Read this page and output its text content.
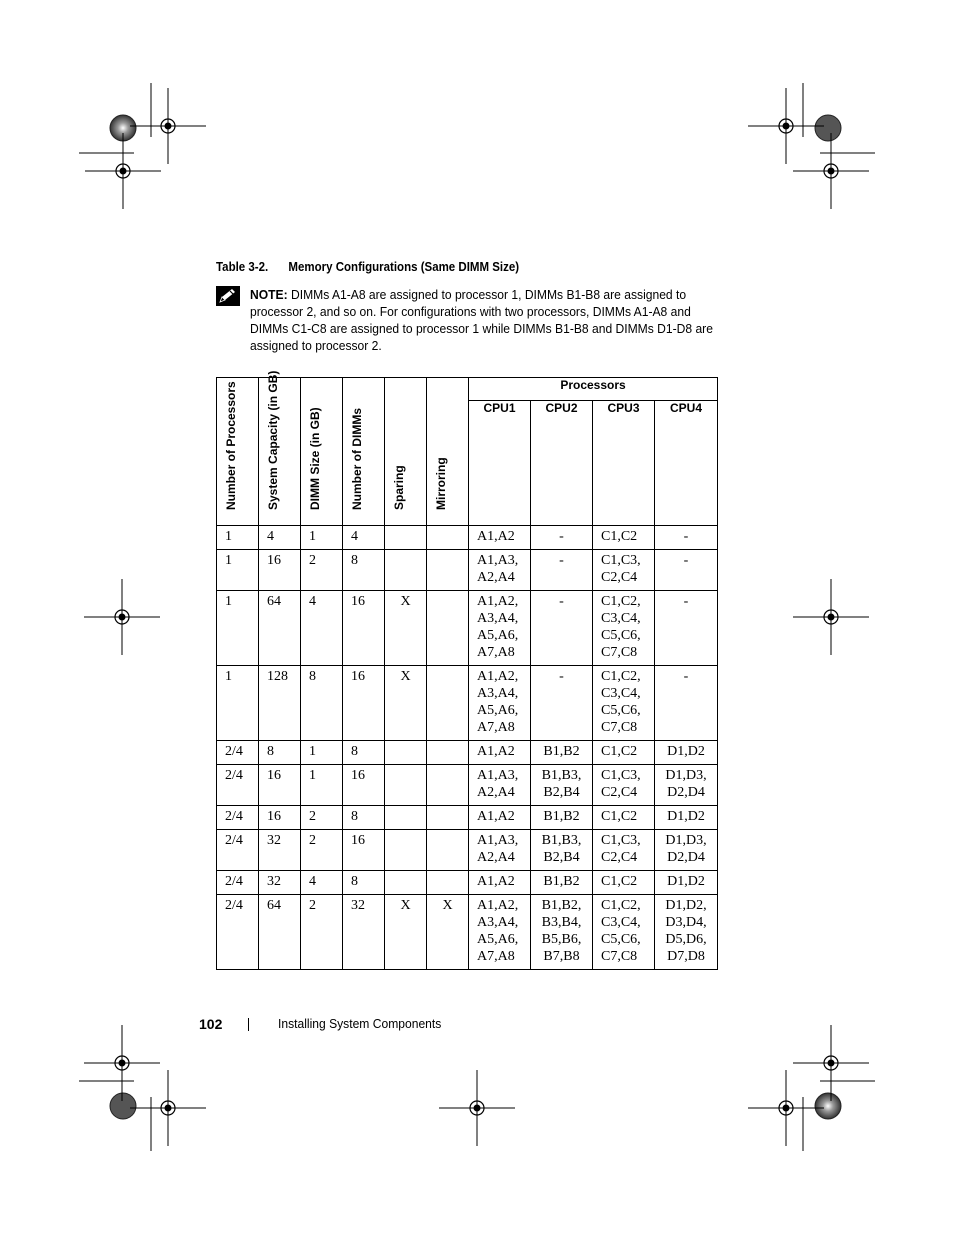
Table 3-2. Memory Configurations (Same DIMM Size)
NOTE: DIMMs A1-A8 are assigned to processor 1, DIMMs B1-B8 are assigned to processor 2, and so on. For configurations with two processors, DIMMs A1-A8 and DIMMs C1-C8 are assigned to processor 1 while DIMMs B1-B8 and DIMMs D1-D8 are assigned to processor 2.
Number of Processors	System Capacity (in GB)	DIMM Size (in GB)	Number of DIMMs	Sparing	Mirroring	Processors			
						CPU1	CPU2	CPU3	CPU4
1	4	1	4			A1,A2	-	C1,C2	-
1	16	2	8			A1,A3,
A2,A4	-	C1,C3,
C2,C4	-
1	64	4	16	X		A1,A2,
A3,A4,
A5,A6,
A7,A8	-	C1,C2,
C3,C4,
C5,C6,
C7,C8	-
1	128	8	16	X		A1,A2,
A3,A4,
A5,A6,
A7,A8	-	C1,C2,
C3,C4,
C5,C6,
C7,C8	-
2/4	8	1	8			A1,A2	B1,B2	C1,C2	D1,D2
2/4	16	1	16			A1,A3,
A2,A4	B1,B3,
B2,B4	C1,C3,
C2,C4	D1,D3,
D2,D4
2/4	16	2	8			A1,A2	B1,B2	C1,C2	D1,D2
2/4	32	2	16			A1,A3,
A2,A4	B1,B3,
B2,B4	C1,C3,
C2,C4	D1,D3,
D2,D4
2/4	32	4	8			A1,A2	B1,B2	C1,C2	D1,D2
2/4	64	2	32	X	X	A1,A2,
A3,A4,
A5,A6,
A7,A8	B1,B2,
B3,B4,
B5,B6,
B7,B8	C1,C2,
C3,C4,
C5,C6,
C7,C8	D1,D2,
D3,D4,
D5,D6,
D7,D8
102	Installing System Components
